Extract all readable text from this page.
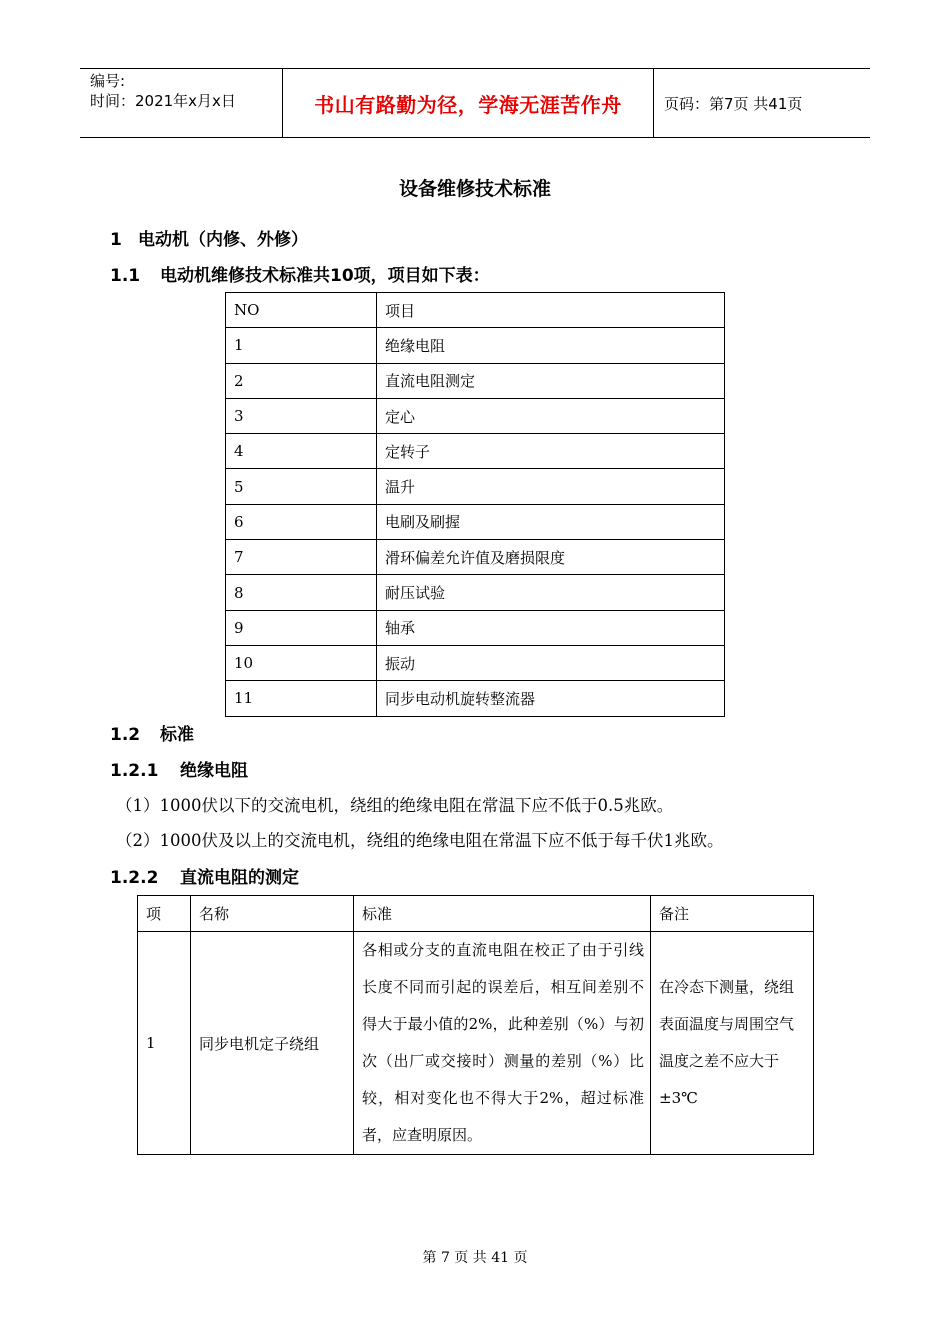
编号:
时间：2021年x月x日	书山有路勤为径，学海无涯苦作舟	页码：第7页 共41页
设备维修技术标准
1 电动机（内修、外修）
1.1 电动机维修技术标准共10项，项目如下表：
NO	项目
1	绝缘电阻
2	直流电阻测定
3	定心
4	定转子
5	温升
6	电刷及刷握
7	滑环偏差允许值及磨损限度
8	耐压试验
9	轴承
10	振动
11	同步电动机旋转整流器
1.2 标准
1.2.1 绝缘电阻
（1）1000伏以下的交流电机，绕组的绝缘电阻在常温下应不低于0.5兆欧。
（2）1000伏及以上的交流电机，绕组的绝缘电阻在常温下应不低于每千伏1兆欧。
1.2.2 直流电阻的测定
项	名称	标准	备注
1	同步电机定子绕组	各相或分支的直流电阻在校正了由于引线长度不同而引起的误差后，相互间差别不得大于最小值的2%，此种差别（%）与初次（出厂或交接时）测量的差别（%）比较，相对变化也不得大于2%，超过标准者，应查明原因。	在冷态下测量，绕组表面温度与周围空气温度之差不应大于±3℃
第 7 页 共 41 页
